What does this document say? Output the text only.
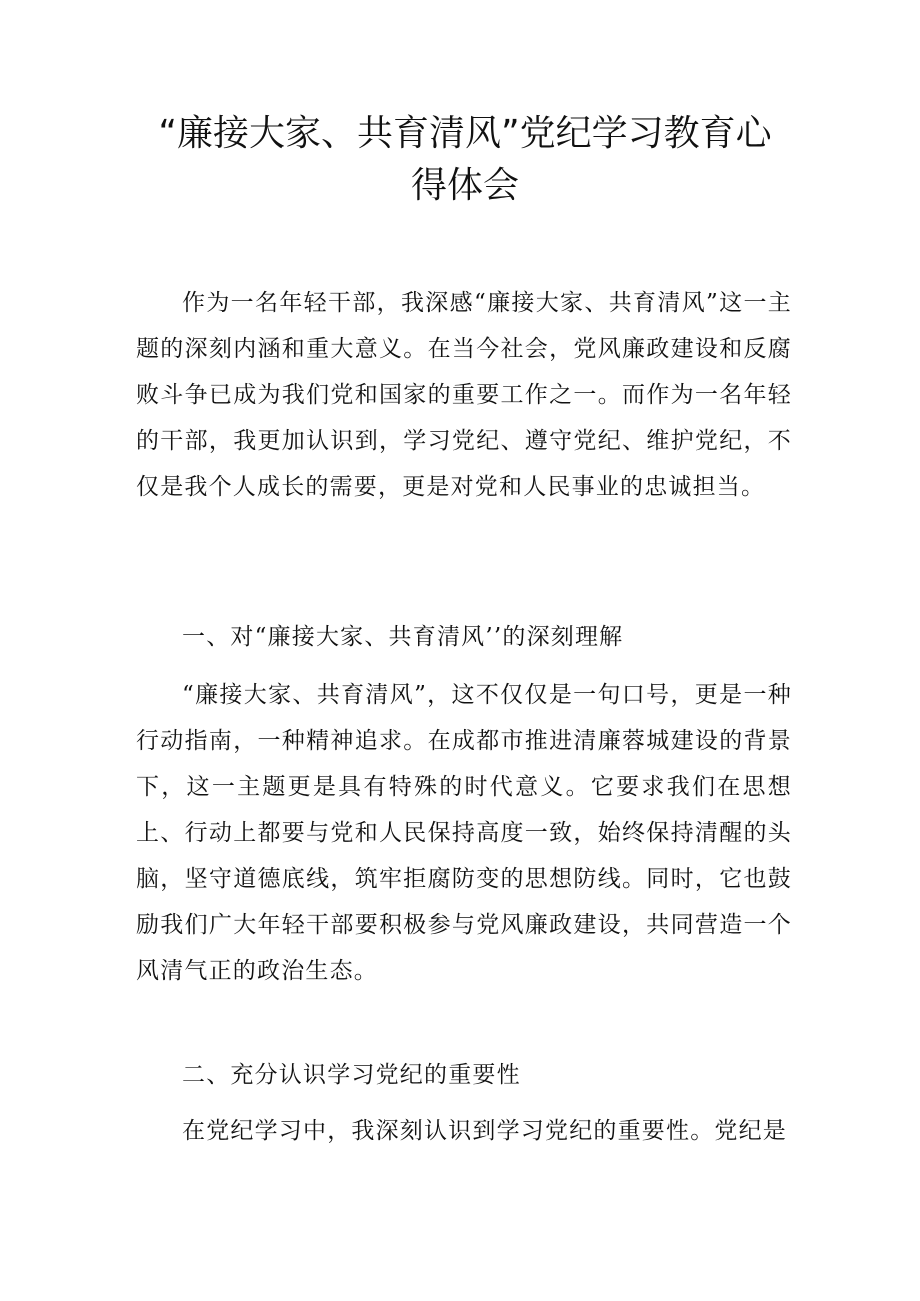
“廉接大家、共育清风”党纪学习教育心得体会
作为一名年轻干部，我深感“廉接大家、共育清风”这一主题的深刻内涵和重大意义。在当今社会，党风廉政建设和反腐败斗争已成为我们党和国家的重要工作之一。而作为一名年轻的干部，我更加认识到，学习党纪、遵守党纪、维护党纪，不仅是我个人成长的需要，更是对党和人民事业的忠诚担当。
一、对“廉接大家、共育清风’’的深刻理解
“廉接大家、共育清风”，这不仅仅是一句口号，更是一种行动指南，一种精神追求。在成都市推进清廉蓉城建设的背景下，这一主题更是具有特殊的时代意义。它要求我们在思想上、行动上都要与党和人民保持高度一致，始终保持清醒的头脑，坚守道德底线，筑牢拒腐防变的思想防线。同时，它也鼓励我们广大年轻干部要积极参与党风廉政建设，共同营造一个风清气正的政治生态。
二、充分认识学习党纪的重要性
在党纪学习中，我深刻认识到学习党纪的重要性。党纪是
